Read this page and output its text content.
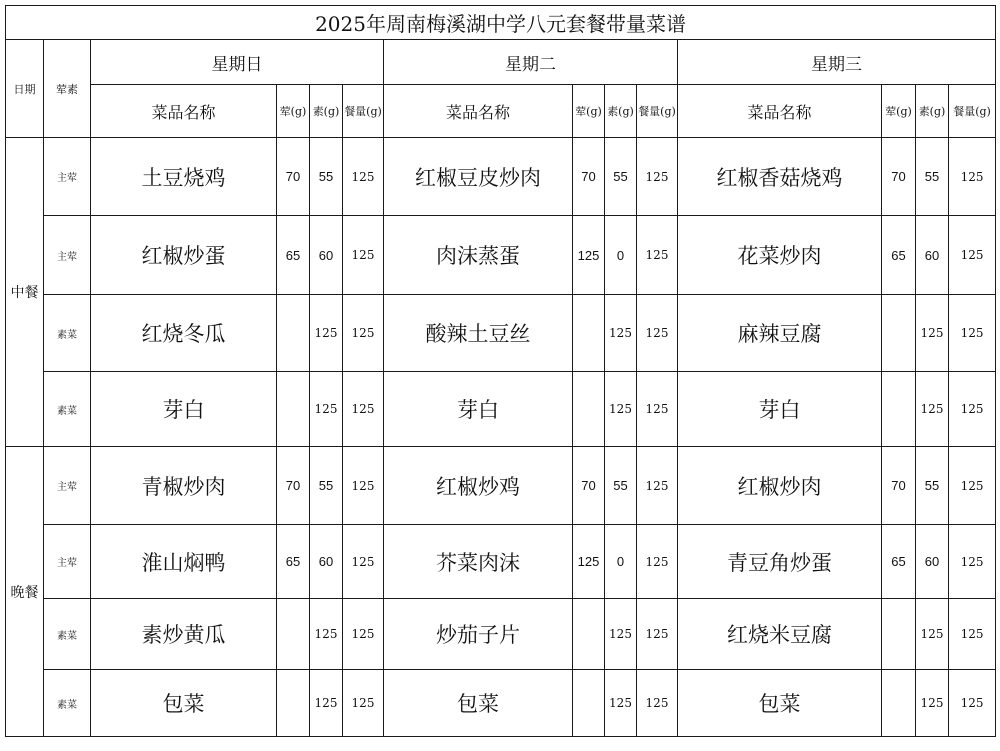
2025年周南梅溪湖中学八元套餐带量菜谱													
日期	荤素	星期日				星期二				星期三			
		菜品名称	荤(g)	素(g)	餐量(g)	菜品名称	荤(g)	素(g)	餐量(g)	菜品名称	荤(g)	素(g)	餐量(g)
中餐	主荤	土豆烧鸡	70	55	125	红椒豆皮炒肉	70	55	125	红椒香菇烧鸡	70	55	125
	主荤	红椒炒蛋	65	60	125	肉沫蒸蛋	125	0	125	花菜炒肉	65	60	125
	素菜	红烧冬瓜		125	125	酸辣土豆丝		125	125	麻辣豆腐		125	125
	素菜	芽白		125	125	芽白		125	125	芽白		125	125
晚餐	主荤	青椒炒肉	70	55	125	红椒炒鸡	70	55	125	红椒炒肉	70	55	125
	主荤	淮山焖鸭	65	60	125	芥菜肉沫	125	0	125	青豆角炒蛋	65	60	125
	素菜	素炒黄瓜		125	125	炒茄子片		125	125	红烧米豆腐		125	125
	素菜	包菜		125	125	包菜		125	125	包菜		125	125
